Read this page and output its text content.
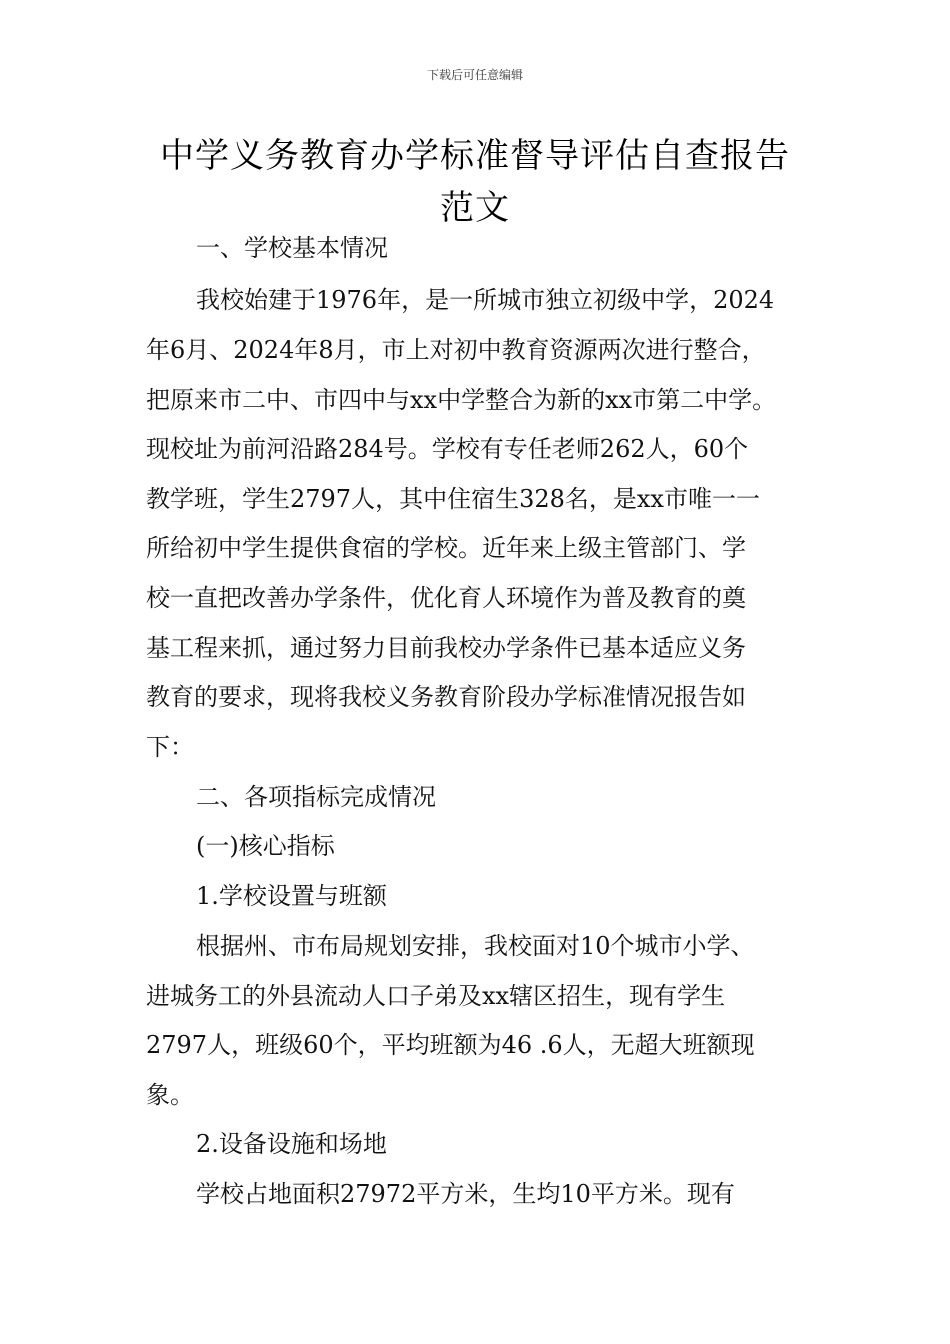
下载后可任意编辑
中学义务教育办学标准督导评估自查报告
范文
一、学校基本情况
我校始建于1976年，是一所城市独立初级中学，2024
年6月、2024年8月，市上对初中教育资源两次进行整合，
把原来市二中、市四中与xx中学整合为新的xx市第二中学。
现校址为前河沿路284号。学校有专任老师262人，60个
教学班，学生2797人，其中住宿生328名，是xx市唯一一
所给初中学生提供食宿的学校。近年来上级主管部门、学
校一直把改善办学条件，优化育人环境作为普及教育的奠
基工程来抓，通过努力目前我校办学条件已基本适应义务
教育的要求，现将我校义务教育阶段办学标准情况报告如
下：
二、各项指标完成情况
(一)核心指标
1.学校设置与班额
根据州、市布局规划安排，我校面对10个城市小学、
进城务工的外县流动人口子弟及xx辖区招生，现有学生
2797人，班级60个，平均班额为46 .6人，无超大班额现
象。
2.设备设施和场地
学校占地面积27972平方米，生均10平方米。现有
